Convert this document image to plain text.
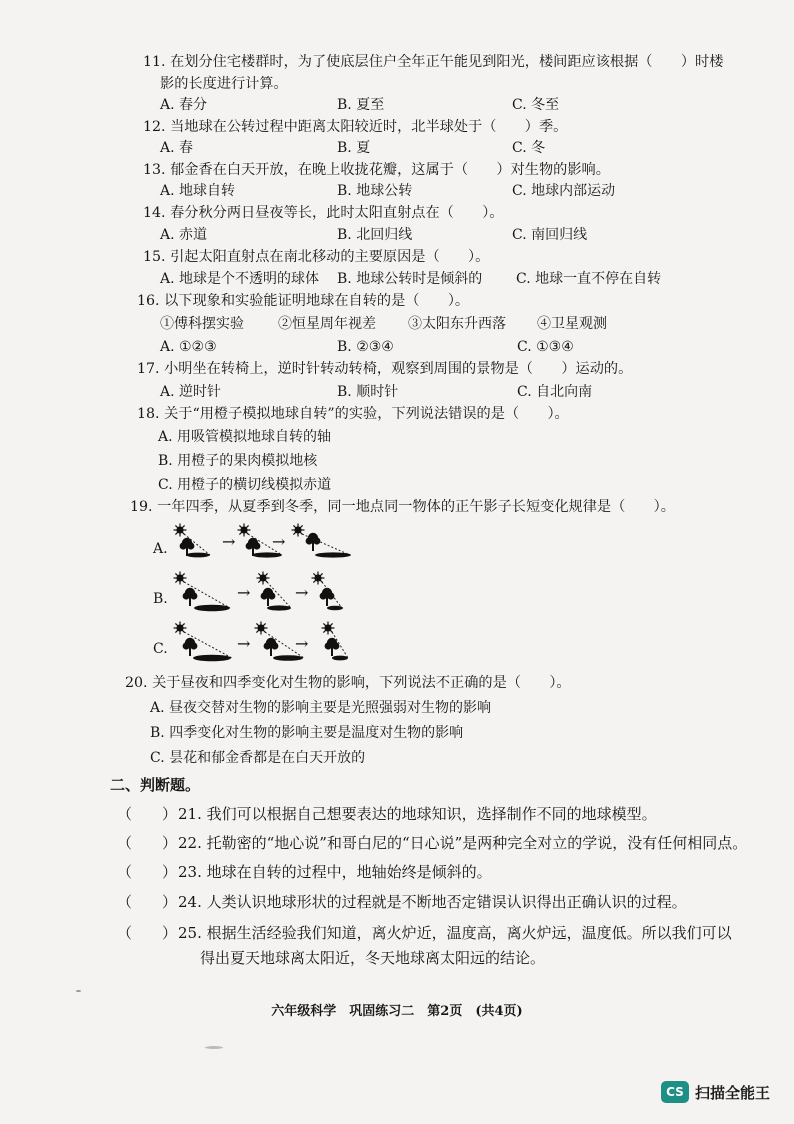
11. 在划分住宅楼群时，为了使底层住户全年正午能见到阳光，楼间距应该根据（　　）时楼
影的长度进行计算。
A. 春分	B. 夏至	C. 冬至
12. 当地球在公转过程中距离太阳较近时，北半球处于（　　）季。
A. 春	B. 夏	C. 冬
13. 郁金香在白天开放，在晚上收拢花瓣，这属于（　　）对生物的影响。
A. 地球自转	B. 地球公转	C. 地球内部运动
14. 春分秋分两日昼夜等长，此时太阳直射点在（　　）。
A. 赤道	B. 北回归线	C. 南回归线
15. 引起太阳直射点在南北移动的主要原因是（　　）。
A. 地球是个不透明的球体 B. 地球公转时是倾斜的 C. 地球一直不停在自转
16. 以下现象和实验能证明地球在自转的是（　　）。
①傅科摆实验 ②恒星周年视差 ③太阳东升西落 ④卫星观测
A. ①②③	B. ②③④	C. ①③④
17. 小明坐在转椅上，逆时针转动转椅，观察到周围的景物是（　　）运动的。
A. 逆时针	B. 顺时针	C. 自北向南
18. 关于“用橙子模拟地球自转”的实验，下列说法错误的是（　　）。
A. 用吸管模拟地球自转的轴
B. 用橙子的果肉模拟地核
C. 用橙子的横切线模拟赤道
19. 一年四季，从夏季到冬季，同一地点同一物体的正午影子长短变化规律是（　　）。
A.
B.
C.
→ →
→	→
→	→
20. 关于昼夜和四季变化对生物的影响，下列说法不正确的是（　　）。
A. 昼夜交替对生物的影响主要是光照强弱对生物的影响
B. 四季变化对生物的影响主要是温度对生物的影响
C. 昙花和郁金香都是在白天开放的
二、判断题。
（　　） 21. 我们可以根据自己想要表达的地球知识，选择制作不同的地球模型。
（　　） 22. 托勒密的“地心说”和哥白尼的“日心说”是两种完全对立的学说，没有任何相同点。
（　　） 23. 地球在自转的过程中，地轴始终是倾斜的。
（　　） 24. 人类认识地球形状的过程就是不断地否定错误认识得出正确认识的过程。
（　　） 25. 根据生活经验我们知道，离火炉近，温度高，离火炉远，温度低。所以我们可以
得出夏天地球离太阳近，冬天地球离太阳远的结论。
六年级科学　巩固练习二　第2页　(共4页)
CS 扫描全能王
